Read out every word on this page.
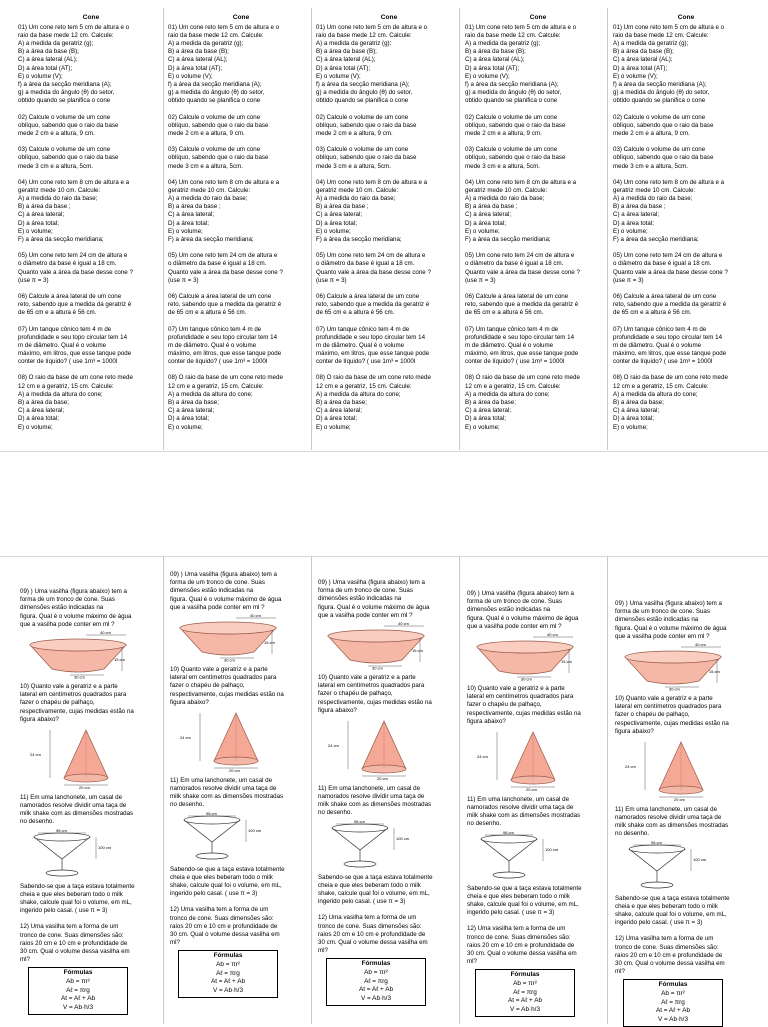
Cone
01) Um cone reto tem 5 cm de altura e o
raio da base mede 12 cm. Calcule:
A) a medida da geratriz (g);
B) a área da base (B);
C) a área lateral (AL);
D) a área total (AT);
E) o volume (V);
f) a área da secção meridiana (A);
g) a medida do ângulo (θ) do setor,
obtido quando se planifica o cone
02) Calcule o volume de um cone
oblíquo, sabendo que o raio da base
mede 2 cm e a altura, 9 cm.
03) Calcule o volume de um cone
oblíquo, sabendo que o raio da base
mede 3 cm e a altura, 5cm.
04) Um cone reto tem 8 cm de altura e a
geratriz mede 10 cm. Calcule:
A) a medida do raio da base;
B) a área da base ;
C) a área lateral;
D) a área total;
E) o volume;
F) a área da secção meridiana;
05) Um cone reto tem 24 cm de altura e
o diâmetro da base é igual a 18 cm.
Quanto vale a área da base desse cone ?
(use π = 3)
06) Calcule a área lateral de um cone
reto, sabendo que a medida da geratriz é
de 65 cm e a altura é 56 cm.
07) Um tanque cônico tem 4 m de
profundidade e seu topo circular tem 14
m de diâmetro. Qual é o volume
máximo, em litros, que esse tanque pode
conter de líquido? ( use 1m³ = 1000l
08) O raio da base de um cone reto mede
12 cm e a geratriz, 15 cm. Calcule:
A) a medida da altura do cone;
B) a área da base;
C) a área lateral;
D) a área total;
E) o volume;
Cone
01) Um cone reto tem 5 cm de altura e o
raio da base mede 12 cm. Calcule:
A) a medida da geratriz (g);
B) a área da base (B);
C) a área lateral (AL);
D) a área total (AT);
E) o volume (V);
f) a área da secção meridiana (A);
g) a medida do ângulo (θ) do setor,
obtido quando se planifica o cone
02) Calcule o volume de um cone
oblíquo, sabendo que o raio da base
mede 2 cm e a altura, 9 cm.
03) Calcule o volume de um cone
oblíquo, sabendo que o raio da base
mede 3 cm e a altura, 5cm.
04) Um cone reto tem 8 cm de altura e a
geratriz mede 10 cm. Calcule:
A) a medida do raio da base;
B) a área da base ;
C) a área lateral;
D) a área total;
E) o volume;
F) a área da secção meridiana;
05) Um cone reto tem 24 cm de altura e
o diâmetro da base é igual a 18 cm.
Quanto vale a área da base desse cone ?
(use π = 3)
06) Calcule a área lateral de um cone
reto, sabendo que a medida da geratriz é
de 65 cm e a altura é 56 cm.
07) Um tanque cônico tem 4 m de
profundidade e seu topo circular tem 14
m de diâmetro. Qual é o volume
máximo, em litros, que esse tanque pode
conter de líquido? ( use 1m³ = 1000l
08) O raio da base de um cone reto mede
12 cm e a geratriz, 15 cm. Calcule:
A) a medida da altura do cone;
B) a área da base;
C) a área lateral;
D) a área total;
E) o volume;
Cone
01) Um cone reto tem 5 cm de altura e o
raio da base mede 12 cm. Calcule:
A) a medida da geratriz (g);
B) a área da base (B);
C) a área lateral (AL);
D) a área total (AT);
E) o volume (V);
f) a área da secção meridiana (A);
g) a medida do ângulo (θ) do setor,
obtido quando se planifica o cone
02) Calcule o volume de um cone
oblíquo, sabendo que o raio da base
mede 2 cm e a altura, 9 cm.
03) Calcule o volume de um cone
oblíquo, sabendo que o raio da base
mede 3 cm e a altura, 5cm.
04) Um cone reto tem 8 cm de altura e a
geratriz mede 10 cm. Calcule:
A) a medida do raio da base;
B) a área da base ;
C) a área lateral;
D) a área total;
E) o volume;
F) a área da secção meridiana;
05) Um cone reto tem 24 cm de altura e
o diâmetro da base é igual a 18 cm.
Quanto vale a área da base desse cone ?
(use π = 3)
06) Calcule a área lateral de um cone
reto, sabendo que a medida da geratriz é
de 65 cm e a altura é 56 cm.
07) Um tanque cônico tem 4 m de
profundidade e seu topo circular tem 14
m de diâmetro. Qual é o volume
máximo, em litros, que esse tanque pode
conter de líquido? ( use 1m³ = 1000l
08) O raio da base de um cone reto mede
12 cm e a geratriz, 15 cm. Calcule:
A) a medida da altura do cone;
B) a área da base;
C) a área lateral;
D) a área total;
E) o volume;
Cone
01) Um cone reto tem 5 cm de altura e o
raio da base mede 12 cm. Calcule:
A) a medida da geratriz (g);
B) a área da base (B);
C) a área lateral (AL);
D) a área total (AT);
E) o volume (V);
f) a área da secção meridiana (A);
g) a medida do ângulo (θ) do setor,
obtido quando se planifica o cone
02) Calcule o volume de um cone
oblíquo, sabendo que o raio da base
mede 2 cm e a altura, 9 cm.
03) Calcule o volume de um cone
oblíquo, sabendo que o raio da base
mede 3 cm e a altura, 5cm.
04) Um cone reto tem 8 cm de altura e a
geratriz mede 10 cm. Calcule:
A) a medida do raio da base;
B) a área da base ;
C) a área lateral;
D) a área total;
E) o volume;
F) a área da secção meridiana;
05) Um cone reto tem 24 cm de altura e
o diâmetro da base é igual a 18 cm.
Quanto vale a área da base desse cone ?
(use π = 3)
06) Calcule a área lateral de um cone
reto, sabendo que a medida da geratriz é
de 65 cm e a altura é 56 cm.
07) Um tanque cônico tem 4 m de
profundidade e seu topo circular tem 14
m de diâmetro. Qual é o volume
máximo, em litros, que esse tanque pode
conter de líquido? ( use 1m³ = 1000l
08) O raio da base de um cone reto mede
12 cm e a geratriz, 15 cm. Calcule:
A) a medida da altura do cone;
B) a área da base;
C) a área lateral;
D) a área total;
E) o volume;
Cone
01) Um cone reto tem 5 cm de altura e o
raio da base mede 12 cm. Calcule:
A) a medida da geratriz (g);
B) a área da base (B);
C) a área lateral (AL);
D) a área total (AT);
E) o volume (V);
f) a área da secção meridiana (A);
g) a medida do ângulo (θ) do setor,
obtido quando se planifica o cone
02) Calcule o volume de um cone
oblíquo, sabendo que o raio da base
mede 2 cm e a altura, 9 cm.
03) Calcule o volume de um cone
oblíquo, sabendo que o raio da base
mede 3 cm e a altura, 5cm.
04) Um cone reto tem 8 cm de altura e a
geratriz mede 10 cm. Calcule:
A) a medida do raio da base;
B) a área da base ;
C) a área lateral;
D) a área total;
E) o volume;
F) a área da secção meridiana;
05) Um cone reto tem 24 cm de altura e
o diâmetro da base é igual a 18 cm.
Quanto vale a área da base desse cone ?
(use π = 3)
06) Calcule a área lateral de um cone
reto, sabendo que a medida da geratriz é
de 65 cm e a altura é 56 cm.
07) Um tanque cônico tem 4 m de
profundidade e seu topo circular tem 14
m de diâmetro. Qual é o volume
máximo, em litros, que esse tanque pode
conter de líquido? ( use 1m³ = 1000l
08) O raio da base de um cone reto mede
12 cm e a geratriz, 15 cm. Calcule:
A) a medida da altura do cone;
B) a área da base;
C) a área lateral;
D) a área total;
E) o volume;
09) ) Uma vasilha (figura abaixo) tem a
forma de um tronco de cone. Suas
dimensões estão indicadas na
figura. Qual é o volume máximo de água
que a vasilha pode conter em ml ?
40 cm
15 cm
30 cm
10) Quanto vale a geratriz e a parte
lateral em centímetros quadrados para
fazer o chapéu de palhaço,
respectivamente, cujas medidas estão na
figura abaixo?
24 cm
20 cm
11) Em uma lanchonete, um casal de
namorados resolve dividir uma taça de
milk shake com as dimensões mostradas
no desenho.
98 cm
100 cm
Sabendo-se que a taça estava totalmente
cheia e que eles beberam todo o milk
shake, calcule qual foi o volume, em mL,
ingerido pelo casal. ( use π = 3)
12) Uma vasilha tem a forma de um
tronco de cone. Suas dimensões são:
raios 20 cm e 10 cm e profundidade de
30 cm. Qual o volume dessa vasilha em
ml?
Fórmulas
Ab = πr²
Aℓ = πrg
At = Aℓ + Ab
V = Ab·h/3
09) ) Uma vasilha (figura abaixo) tem a
forma de um tronco de cone. Suas
dimensões estão indicadas na
figura. Qual é o volume máximo de água
que a vasilha pode conter em ml ?
40 cm
15 cm
30 cm
10) Quanto vale a geratriz e a parte
lateral em centímetros quadrados para
fazer o chapéu de palhaço,
respectivamente, cujas medidas estão na
figura abaixo?
24 cm
20 cm
11) Em uma lanchonete, um casal de
namorados resolve dividir uma taça de
milk shake com as dimensões mostradas
no desenho.
98 cm
100 cm
Sabendo-se que a taça estava totalmente
cheia e que eles beberam todo o milk
shake, calcule qual foi o volume, em mL,
ingerido pelo casal. ( use π = 3)
12) Uma vasilha tem a forma de um
tronco de cone. Suas dimensões são:
raios 20 cm e 10 cm e profundidade de
30 cm. Qual o volume dessa vasilha em
ml?
Fórmulas
Ab = πr²
Aℓ = πrg
At = Aℓ + Ab
V = Ab·h/3
09) ) Uma vasilha (figura abaixo) tem a
forma de um tronco de cone. Suas
dimensões estão indicadas na
figura. Qual é o volume máximo de água
que a vasilha pode conter em ml ?
40 cm
15 cm
30 cm
10) Quanto vale a geratriz e a parte
lateral em centímetros quadrados para
fazer o chapéu de palhaço,
respectivamente, cujas medidas estão na
figura abaixo?
24 cm
20 cm
11) Em uma lanchonete, um casal de
namorados resolve dividir uma taça de
milk shake com as dimensões mostradas
no desenho.
98 cm
100 cm
Sabendo-se que a taça estava totalmente
cheia e que eles beberam todo o milk
shake, calcule qual foi o volume, em mL,
ingerido pelo casal. ( use π = 3)
12) Uma vasilha tem a forma de um
tronco de cone. Suas dimensões são:
raios 20 cm e 10 cm e profundidade de
30 cm. Qual o volume dessa vasilha em
ml?
Fórmulas
Ab = πr²
Aℓ = πrg
At = Aℓ + Ab
V = Ab·h/3
09) ) Uma vasilha (figura abaixo) tem a
forma de um tronco de cone. Suas
dimensões estão indicadas na
figura. Qual é o volume máximo de água
que a vasilha pode conter em ml ?
40 cm
15 cm
30 cm
10) Quanto vale a geratriz e a parte
lateral em centímetros quadrados para
fazer o chapéu de palhaço,
respectivamente, cujas medidas estão na
figura abaixo?
24 cm
20 cm
11) Em uma lanchonete, um casal de
namorados resolve dividir uma taça de
milk shake com as dimensões mostradas
no desenho.
98 cm
100 cm
Sabendo-se que a taça estava totalmente
cheia e que eles beberam todo o milk
shake, calcule qual foi o volume, em mL,
ingerido pelo casal. ( use π = 3)
12) Uma vasilha tem a forma de um
tronco de cone. Suas dimensões são:
raios 20 cm e 10 cm e profundidade de
30 cm. Qual o volume dessa vasilha em
ml?
Fórmulas
Ab = πr²
Aℓ = πrg
At = Aℓ + Ab
V = Ab·h/3
09) ) Uma vasilha (figura abaixo) tem a
forma de um tronco de cone. Suas
dimensões estão indicadas na
figura. Qual é o volume máximo de água
que a vasilha pode conter em ml ?
40 cm
15 cm
30 cm
10) Quanto vale a geratriz e a parte
lateral em centímetros quadrados para
fazer o chapéu de palhaço,
respectivamente, cujas medidas estão na
figura abaixo?
24 cm
20 cm
11) Em uma lanchonete, um casal de
namorados resolve dividir uma taça de
milk shake com as dimensões mostradas
no desenho.
98 cm
100 cm
Sabendo-se que a taça estava totalmente
cheia e que eles beberam todo o milk
shake, calcule qual foi o volume, em mL,
ingerido pelo casal. ( use π = 3)
12) Uma vasilha tem a forma de um
tronco de cone. Suas dimensões são:
raios 20 cm e 10 cm e profundidade de
30 cm. Qual o volume dessa vasilha em
ml?
Fórmulas
Ab = πr²
Aℓ = πrg
At = Aℓ + Ab
V = Ab·h/3
